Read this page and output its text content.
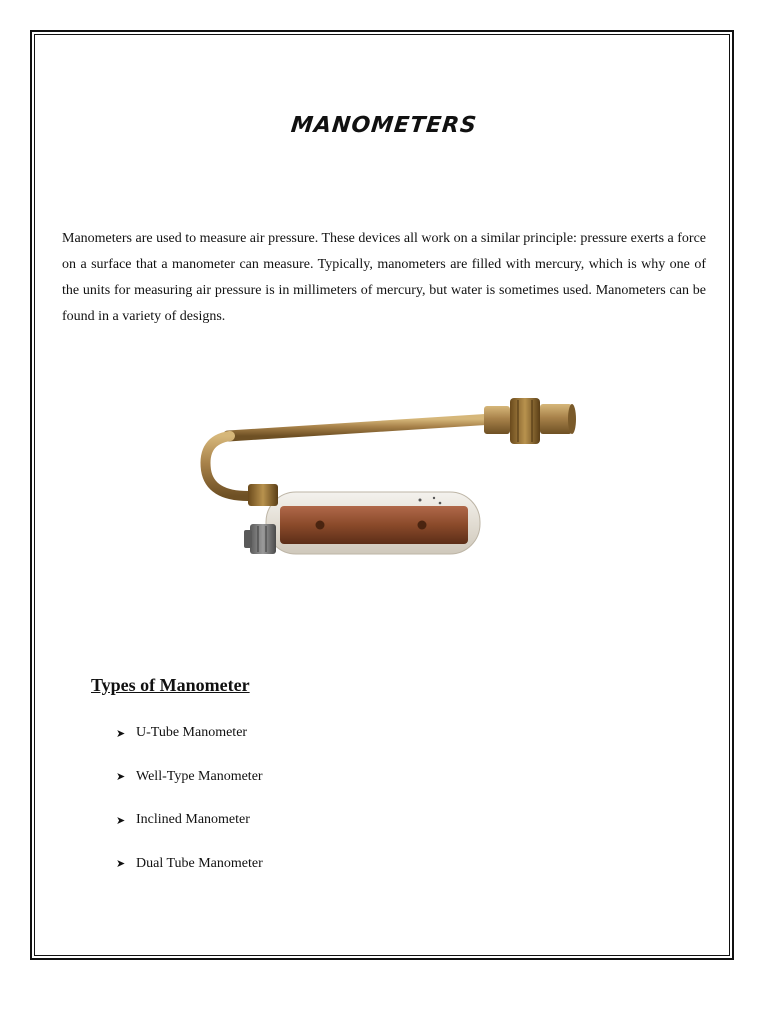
MANOMETERS

Manometers are used to measure air pressure. These devices all work on a similar principle: pressure exerts a force on a surface that a manometer can measure. Typically, manometers are filled with mercury, which is why one of the units for measuring air pressure is in millimeters of mercury, but water is sometimes used. Manometers can be found in a variety of designs.

Types of Manometer
➤ U-Tube Manometer
➤ Well-Type Manometer
➤ Inclined Manometer
➤ Dual Tube Manometer
